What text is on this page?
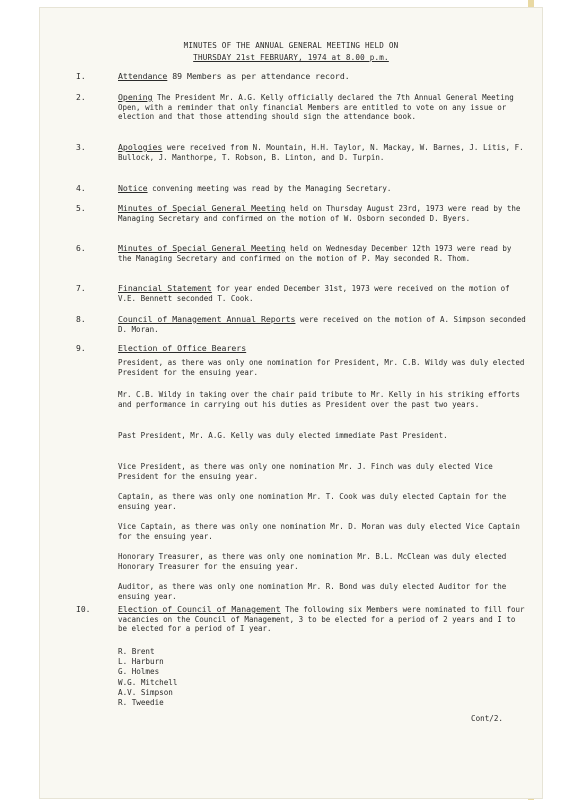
MINUTES OF THE ANNUAL GENERAL MEETING HELD ON
THURSDAY 21st FEBRUARY, 1974 at 8.00 p.m.
I.	Attendance 89 Members as per attendance record.

2.	Opening The President Mr. A.G. Kelly officially declared the 7th Annual General Meeting Open, with a reminder that only financial Members are entitled to vote on any issue or election and that those attending should sign the attendance book.

3.	Apologies were received from N. Mountain, H.H. Taylor, N. Mackay, W. Barnes, J. Litis, F. Bullock, J. Manthorpe, T. Robson, B. Linton, and D. Turpin.

4.	Notice convening meeting was read by the Managing Secretary.

5.	Minutes of Special General Meeting held on Thursday August 23rd, 1973 were read by the Managing Secretary and confirmed on the motion of W. Osborn seconded D. Byers.

6.	Minutes of Special General Meeting held on Wednesday December 12th 1973 were read by the Managing Secretary and confirmed on the motion of P. May seconded R. Thom.

7.	Financial Statement for year ended December 31st, 1973 were received on the motion of V.E. Bennett seconded T. Cook.

8.	Council of Management Annual Reports were received on the motion of A. Simpson seconded D. Moran.

9.	Election of Office Bearers

President, as there was only one nomination for President, Mr. C.B. Wildy was duly elected President for the ensuing year.

Mr. C.B. Wildy in taking over the chair paid tribute to Mr. Kelly in his striking efforts and performance in carrying out his duties as President over the past two years.

Past President, Mr. A.G. Kelly was duly elected immediate Past President.

Vice President, as there was only one nomination Mr. J. Finch was duly elected Vice President for the ensuing year.

Captain, as there was only one nomination Mr. T. Cook was duly elected Captain for the ensuing year.

Vice Captain, as there was only one nomination Mr. D. Moran was duly elected Vice Captain for the ensuing year.

Honorary Treasurer, as there was only one nomination Mr. B.L. McClean was duly elected Honorary Treasurer for the ensuing year.

Auditor, as there was only one nomination Mr. R. Bond was duly elected Auditor for the ensuing year.

I0.	Election of Council of Management The following six Members were nominated to fill four vacancies on the Council of Management, 3 to be elected for a period of 2 years and I to be elected for a period of I year.

R. Brent
L. Harburn
G. Holmes
W.G. Mitchell
A.V. Simpson
R. Tweedie
Cont/2.
